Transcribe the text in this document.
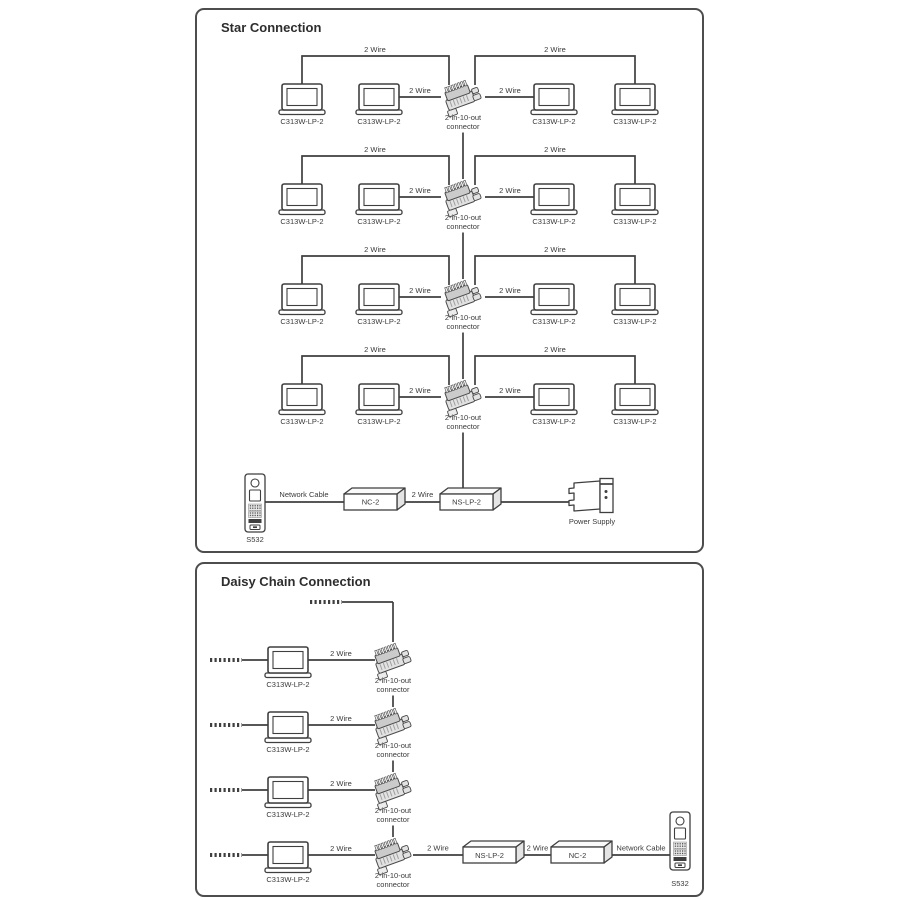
Star Connection
2 Wire	2 Wire
2 Wire	2 Wire
C313W-LP-2	C313W-LP-2	C313W-LP-2	C313W-LP-2
2-in-10-out
connector
2 Wire	2 Wire
2 Wire	2 Wire
C313W-LP-2	C313W-LP-2	C313W-LP-2	C313W-LP-2
2-in-10-out
connector
2 Wire	2 Wire
2 Wire	2 Wire
C313W-LP-2	C313W-LP-2	C313W-LP-2	C313W-LP-2
2-in-10-out
connector
2 Wire	2 Wire
2 Wire	2 Wire
C313W-LP-2	C313W-LP-2	C313W-LP-2	C313W-LP-2
2-in-10-out
connector
S532
Network Cable
NC-2
2 Wire
NS-LP-2
Power Supply
Daisy Chain Connection
2 Wire
C313W-LP-2	2-in-10-out
connector
2 Wire
C313W-LP-2	2-in-10-out
connector
2 Wire
C313W-LP-2	2-in-10-out
connector
2 Wire
C313W-LP-2	2-in-10-out
connector
2 Wire
NS-LP-2
2 Wire
NC-2
Network Cable
S532
